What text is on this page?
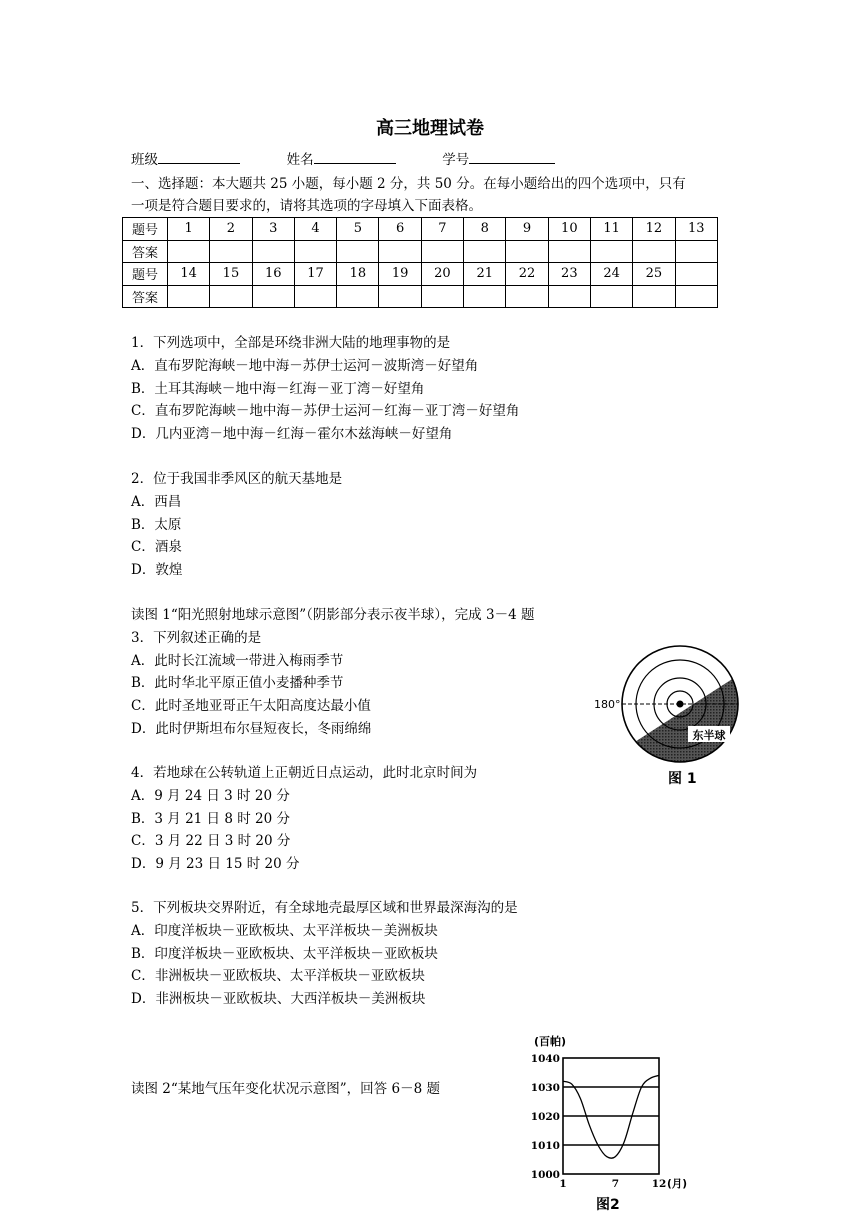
高三地理试卷
班级	姓名	学号
一、选择题：本大题共 25 小题，每小题 2 分，共 50 分。在每小题给出的四个选项中，只有
一项是符合题目要求的，请将其选项的字母填入下面表格。
题号	1	2	3	4	5	6	7	8	9	10	11	12	13
答案													
题号	14	15	16	17	18	19	20	21	22	23	24	25	
答案													
1．下列选项中，全部是环绕非洲大陆的地理事物的是
A．直布罗陀海峡－地中海－苏伊士运河－波斯湾－好望角
B．土耳其海峡－地中海－红海－亚丁湾－好望角
C．直布罗陀海峡－地中海－苏伊士运河－红海－亚丁湾－好望角
D．几内亚湾－地中海－红海－霍尔木兹海峡－好望角
2．位于我国非季风区的航天基地是
A．西昌
B．太原
C．酒泉
D．敦煌
读图 1“阳光照射地球示意图”（阴影部分表示夜半球），完成 3－4 题
3．下列叙述正确的是
A．此时长江流域一带进入梅雨季节
B．此时华北平原正值小麦播种季节
C．此时圣地亚哥正午太阳高度达最小值
D．此时伊斯坦布尔昼短夜长，冬雨绵绵
4．若地球在公转轨道上正朝近日点运动，此时北京时间为
A．9 月 24 日 3 时 20 分
B．3 月 21 日 8 时 20 分
C．3 月 22 日 3 时 20 分
D．9 月 23 日 15 时 20 分
5．下列板块交界附近，有全球地壳最厚区域和世界最深海沟的是
A．印度洋板块－亚欧板块、太平洋板块－美洲板块
B．印度洋板块－亚欧板块、太平洋板块－亚欧板块
C．非洲板块－亚欧板块、太平洋板块－亚欧板块
D．非洲板块－亚欧板块、大西洋板块－美洲板块
读图 2“某地气压年变化状况示意图”，回答 6－8 题
东半球
180°
图 1
(百帕)
1000
1010
1020
1030
1040
1	7	12 (月)
图2
